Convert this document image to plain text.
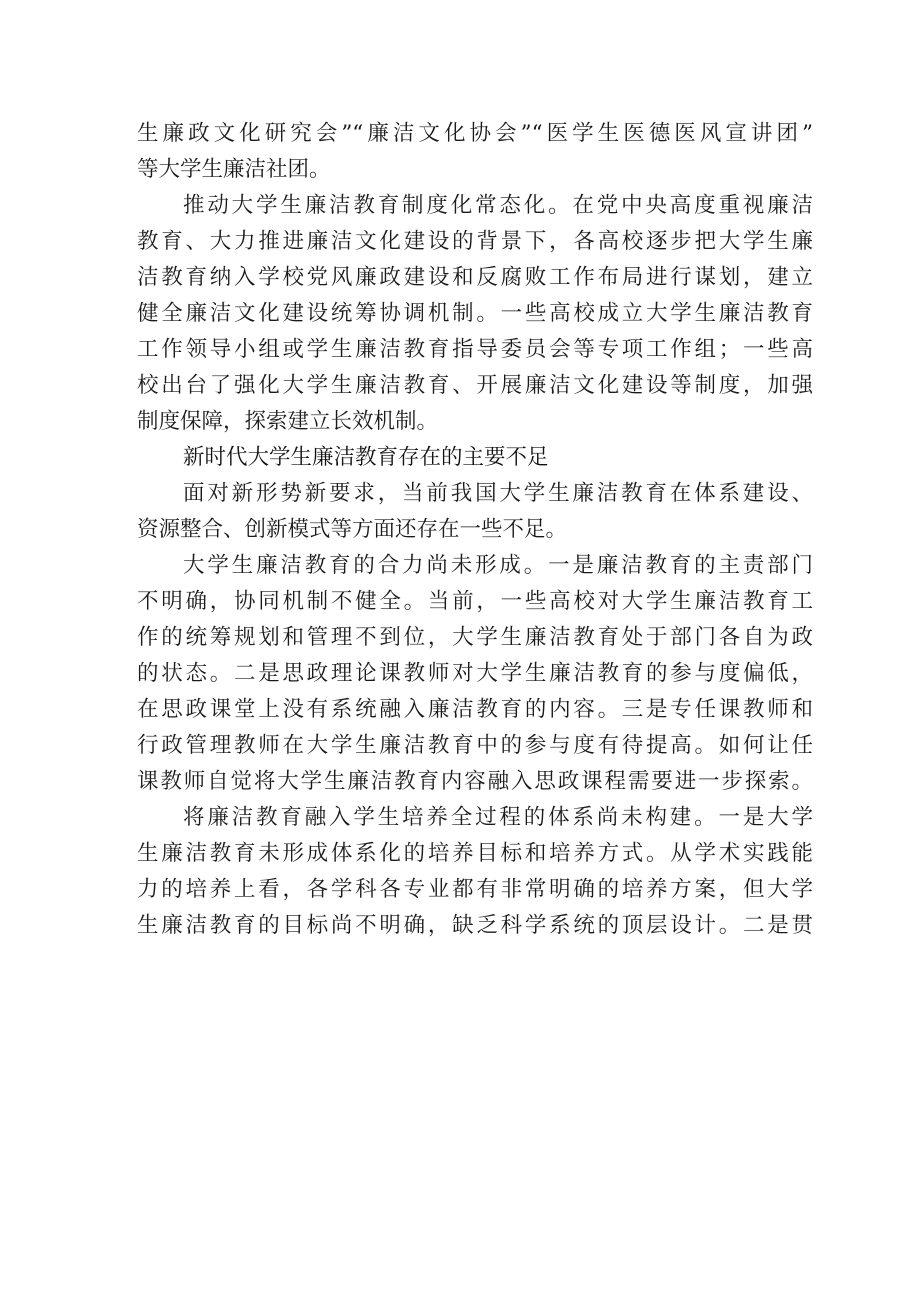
生廉政文化研究会”“廉洁文化协会”“医学生医德医风宣讲团”
等大学生廉洁社团。
推动大学生廉洁教育制度化常态化。在党中央高度重视廉洁
教育、大力推进廉洁文化建设的背景下，各高校逐步把大学生廉
洁教育纳入学校党风廉政建设和反腐败工作布局进行谋划，建立
健全廉洁文化建设统筹协调机制。一些高校成立大学生廉洁教育
工作领导小组或学生廉洁教育指导委员会等专项工作组；一些高
校出台了强化大学生廉洁教育、开展廉洁文化建设等制度，加强
制度保障，探索建立长效机制。
新时代大学生廉洁教育存在的主要不足
面对新形势新要求，当前我国大学生廉洁教育在体系建设、
资源整合、创新模式等方面还存在一些不足。
大学生廉洁教育的合力尚未形成。一是廉洁教育的主责部门
不明确，协同机制不健全。当前，一些高校对大学生廉洁教育工
作的统筹规划和管理不到位，大学生廉洁教育处于部门各自为政
的状态。二是思政理论课教师对大学生廉洁教育的参与度偏低，
在思政课堂上没有系统融入廉洁教育的内容。三是专任课教师和
行政管理教师在大学生廉洁教育中的参与度有待提高。如何让任
课教师自觉将大学生廉洁教育内容融入思政课程需要进一步探索。
将廉洁教育融入学生培养全过程的体系尚未构建。一是大学
生廉洁教育未形成体系化的培养目标和培养方式。从学术实践能
力的培养上看，各学科各专业都有非常明确的培养方案，但大学
生廉洁教育的目标尚不明确，缺乏科学系统的顶层设计。二是贯
